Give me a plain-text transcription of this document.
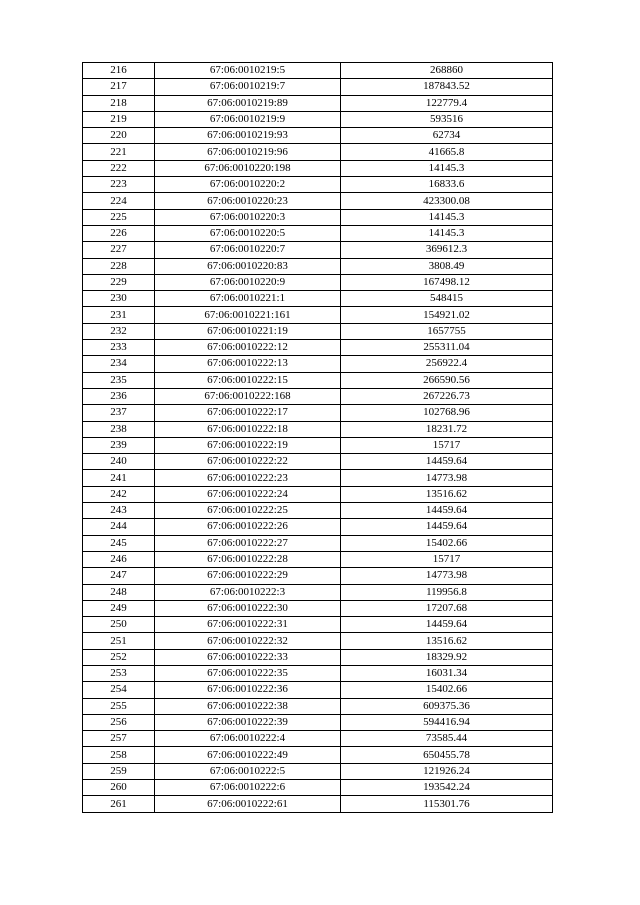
216	67:06:0010219:5	268860
217	67:06:0010219:7	187843.52
218	67:06:0010219:89	122779.4
219	67:06:0010219:9	593516
220	67:06:0010219:93	62734
221	67:06:0010219:96	41665.8
222	67:06:0010220:198	14145.3
223	67:06:0010220:2	16833.6
224	67:06:0010220:23	423300.08
225	67:06:0010220:3	14145.3
226	67:06:0010220:5	14145.3
227	67:06:0010220:7	369612.3
228	67:06:0010220:83	3808.49
229	67:06:0010220:9	167498.12
230	67:06:0010221:1	548415
231	67:06:0010221:161	154921.02
232	67:06:0010221:19	1657755
233	67:06:0010222:12	255311.04
234	67:06:0010222:13	256922.4
235	67:06:0010222:15	266590.56
236	67:06:0010222:168	267226.73
237	67:06:0010222:17	102768.96
238	67:06:0010222:18	18231.72
239	67:06:0010222:19	15717
240	67:06:0010222:22	14459.64
241	67:06:0010222:23	14773.98
242	67:06:0010222:24	13516.62
243	67:06:0010222:25	14459.64
244	67:06:0010222:26	14459.64
245	67:06:0010222:27	15402.66
246	67:06:0010222:28	15717
247	67:06:0010222:29	14773.98
248	67:06:0010222:3	119956.8
249	67:06:0010222:30	17207.68
250	67:06:0010222:31	14459.64
251	67:06:0010222:32	13516.62
252	67:06:0010222:33	18329.92
253	67:06:0010222:35	16031.34
254	67:06:0010222:36	15402.66
255	67:06:0010222:38	609375.36
256	67:06:0010222:39	594416.94
257	67:06:0010222:4	73585.44
258	67:06:0010222:49	650455.78
259	67:06:0010222:5	121926.24
260	67:06:0010222:6	193542.24
261	67:06:0010222:61	115301.76
